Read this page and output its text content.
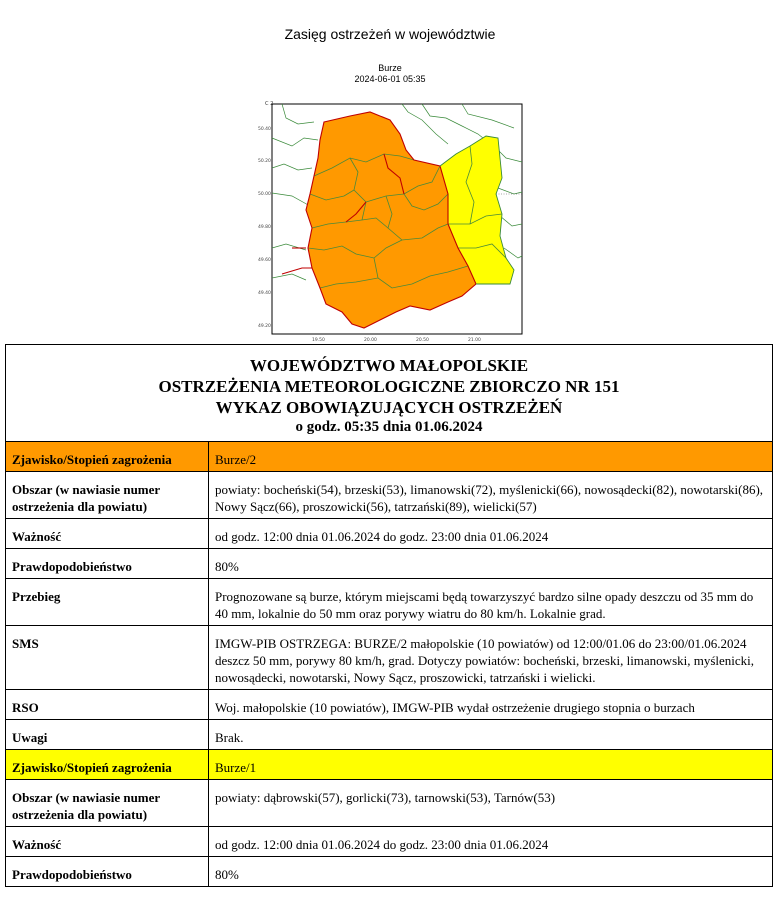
Zasięg ostrzeżeń w województwie
Burze
2024-06-01 05:35
C 2
50.40
50.20
50.00
49.80
49.60
49.40
49.20
19.50	20.00	20.50	21.00
WOJEWÓDZTWO MAŁOPOLSKIE
OSTRZEŻENIA METEOROLOGICZNE ZBIORCZO NR 151
WYKAZ OBOWIĄZUJĄCYCH OSTRZEŻEŃ
o godz. 05:35 dnia 01.06.2024	

Zjawisko/Stopień zagrożenia	Burze/2
Obszar (w nawiasie numer ostrzeżenia dla powiatu)	powiaty: bocheński(54), brzeski(53), limanowski(72), myślenicki(66), nowosądecki(82), nowotarski(86), Nowy Sącz(66), proszowicki(56), tatrzański(89), wielicki(57)
Ważność	od godz. 12:00 dnia 01.06.2024 do godz. 23:00 dnia 01.06.2024
Prawdopodobieństwo	80%
Przebieg	Prognozowane są burze, którym miejscami będą towarzyszyć bardzo silne opady deszczu od 35 mm do 40 mm, lokalnie do 50 mm oraz porywy wiatru do 80 km/h. Lokalnie grad.
SMS	IMGW-PIB OSTRZEGA: BURZE/2 małopolskie (10 powiatów) od 12:00/01.06 do 23:00/01.06.2024 deszcz 50 mm, porywy 80 km/h, grad. Dotyczy powiatów: bocheński, brzeski, limanowski, myślenicki, nowosądecki, nowotarski, Nowy Sącz, proszowicki, tatrzański i wielicki.
RSO	Woj. małopolskie (10 powiatów), IMGW-PIB wydał ostrzeżenie drugiego stopnia o burzach
Uwagi	Brak.
Zjawisko/Stopień zagrożenia	Burze/1
Obszar (w nawiasie numer ostrzeżenia dla powiatu)	powiaty: dąbrowski(57), gorlicki(73), tarnowski(53), Tarnów(53)
Ważność	od godz. 12:00 dnia 01.06.2024 do godz. 23:00 dnia 01.06.2024
Prawdopodobieństwo	80%
